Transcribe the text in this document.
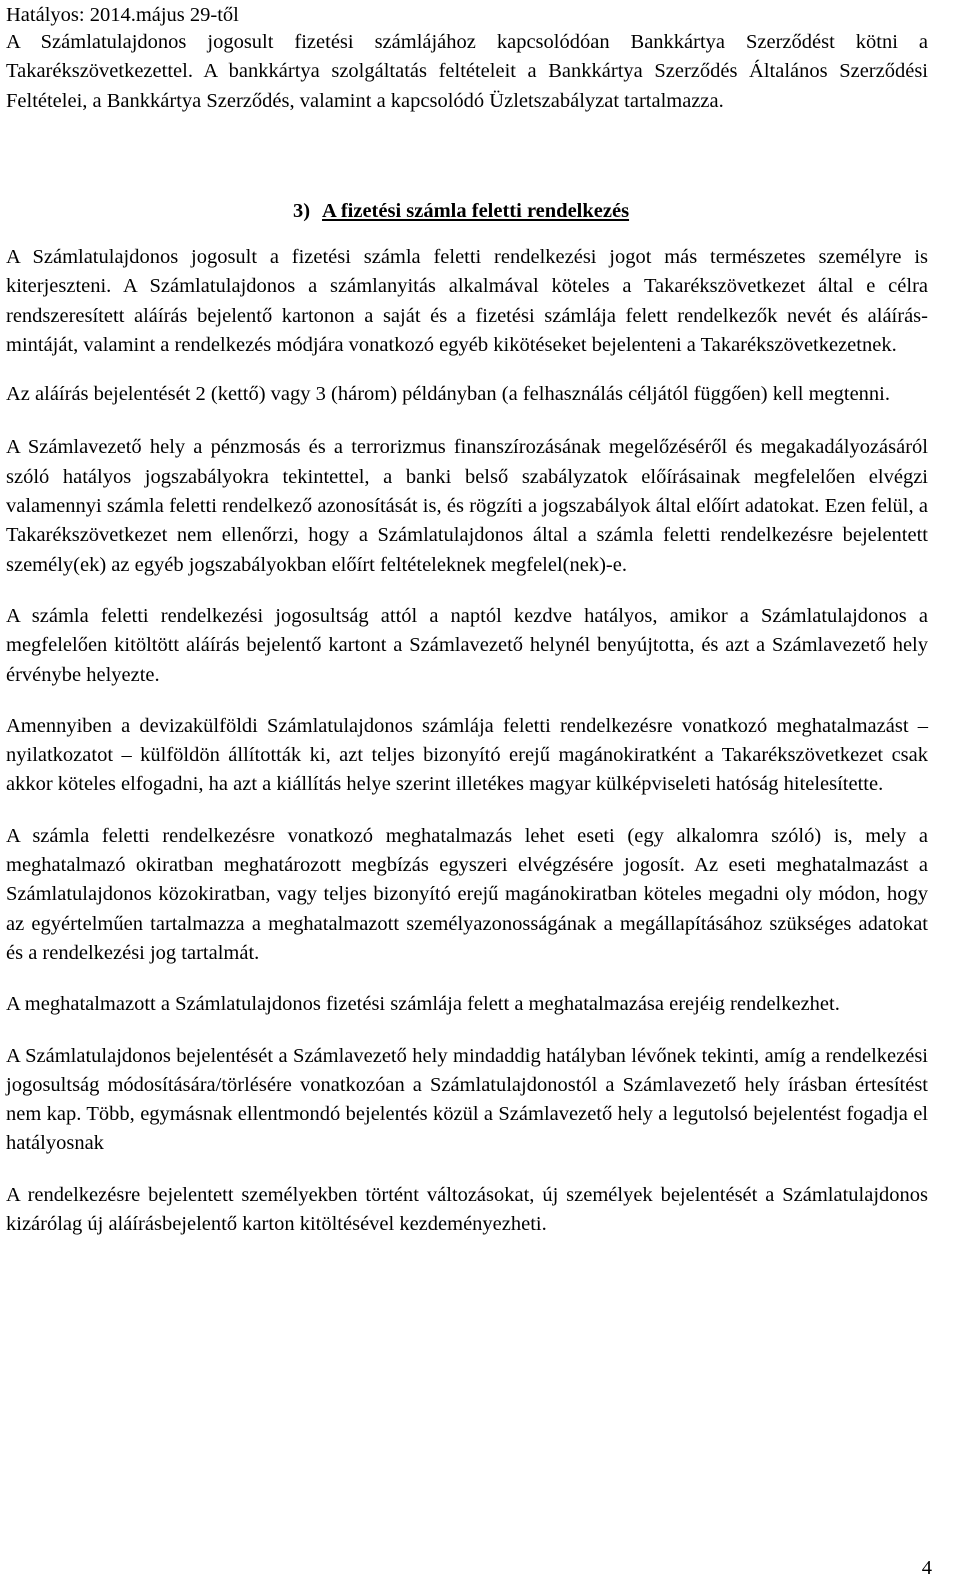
Hatályos: 2014.május 29-től

A Számlatulajdonos jogosult fizetési számlájához kapcsolódóan Bankkártya Szerződést kötni a Takarékszövetkezettel. A bankkártya szolgáltatás feltételeit a Bankkártya Szerződés Általános Szerződési Feltételei, a Bankkártya Szerződés, valamint a kapcsolódó Üzletszabályzat tartalmazza.

3) A fizetési számla feletti rendelkezés

A Számlatulajdonos jogosult a fizetési számla feletti rendelkezési jogot más természetes személyre is kiterjeszteni. A Számlatulajdonos a számlanyitás alkalmával köteles a Takarékszövetkezet által e célra rendszeresített aláírás bejelentő kartonon a saját és a fizetési számlája felett rendelkezők nevét és aláírás-mintáját, valamint a rendelkezés módjára vonatkozó egyéb kikötéseket bejelenteni a Takarékszövetkezetnek.

Az aláírás bejelentését 2 (kettő) vagy 3 (három) példányban (a felhasználás céljától függően) kell megtenni.

A Számlavezető hely a pénzmosás és a terrorizmus finanszírozásának megelőzéséről és megakadályozásáról szóló hatályos jogszabályokra tekintettel, a banki belső szabályzatok előírásainak megfelelően elvégzi valamennyi számla feletti rendelkező azonosítását is, és rögzíti a jogszabályok által előírt adatokat. Ezen felül, a Takarékszövetkezet nem ellenőrzi, hogy a Számlatulajdonos által a számla feletti rendelkezésre bejelentett személy(ek) az egyéb jogszabályokban előírt feltételeknek megfelel(nek)-e.

A számla feletti rendelkezési jogosultság attól a naptól kezdve hatályos, amikor a Számlatulajdonos a megfelelően kitöltött aláírás bejelentő kartont a Számlavezető helynél benyújtotta, és azt a Számlavezető hely érvénybe helyezte.

Amennyiben a devizakülföldi Számlatulajdonos számlája feletti rendelkezésre vonatkozó meghatalmazást – nyilatkozatot – külföldön állították ki, azt teljes bizonyító erejű magánokiratként a Takarékszövetkezet csak akkor köteles elfogadni, ha azt a kiállítás helye szerint illetékes magyar külképviseleti hatóság hitelesítette.

A számla feletti rendelkezésre vonatkozó meghatalmazás lehet eseti (egy alkalomra szóló) is, mely a meghatalmazó okiratban meghatározott megbízás egyszeri elvégzésére jogosít. Az eseti meghatalmazást a Számlatulajdonos közokiratban, vagy teljes bizonyító erejű magánokiratban köteles megadni oly módon, hogy az egyértelműen tartalmazza a meghatalmazott személyazonosságának a megállapításához szükséges adatokat és a rendelkezési jog tartalmát.

A meghatalmazott a Számlatulajdonos fizetési számlája felett a meghatalmazása erejéig rendelkezhet.

A Számlatulajdonos bejelentését a Számlavezető hely mindaddig hatályban lévőnek tekinti, amíg a rendelkezési jogosultság módosítására/törlésére vonatkozóan a Számlatulajdonostól a Számlavezető hely írásban értesítést nem kap. Több, egymásnak ellentmondó bejelentés közül a Számlavezető hely a legutolsó bejelentést fogadja el hatályosnak

A rendelkezésre bejelentett személyekben történt változásokat, új személyek bejelentését a Számlatulajdonos kizárólag új aláírásbejelentő karton kitöltésével kezdeményezheti.

4
